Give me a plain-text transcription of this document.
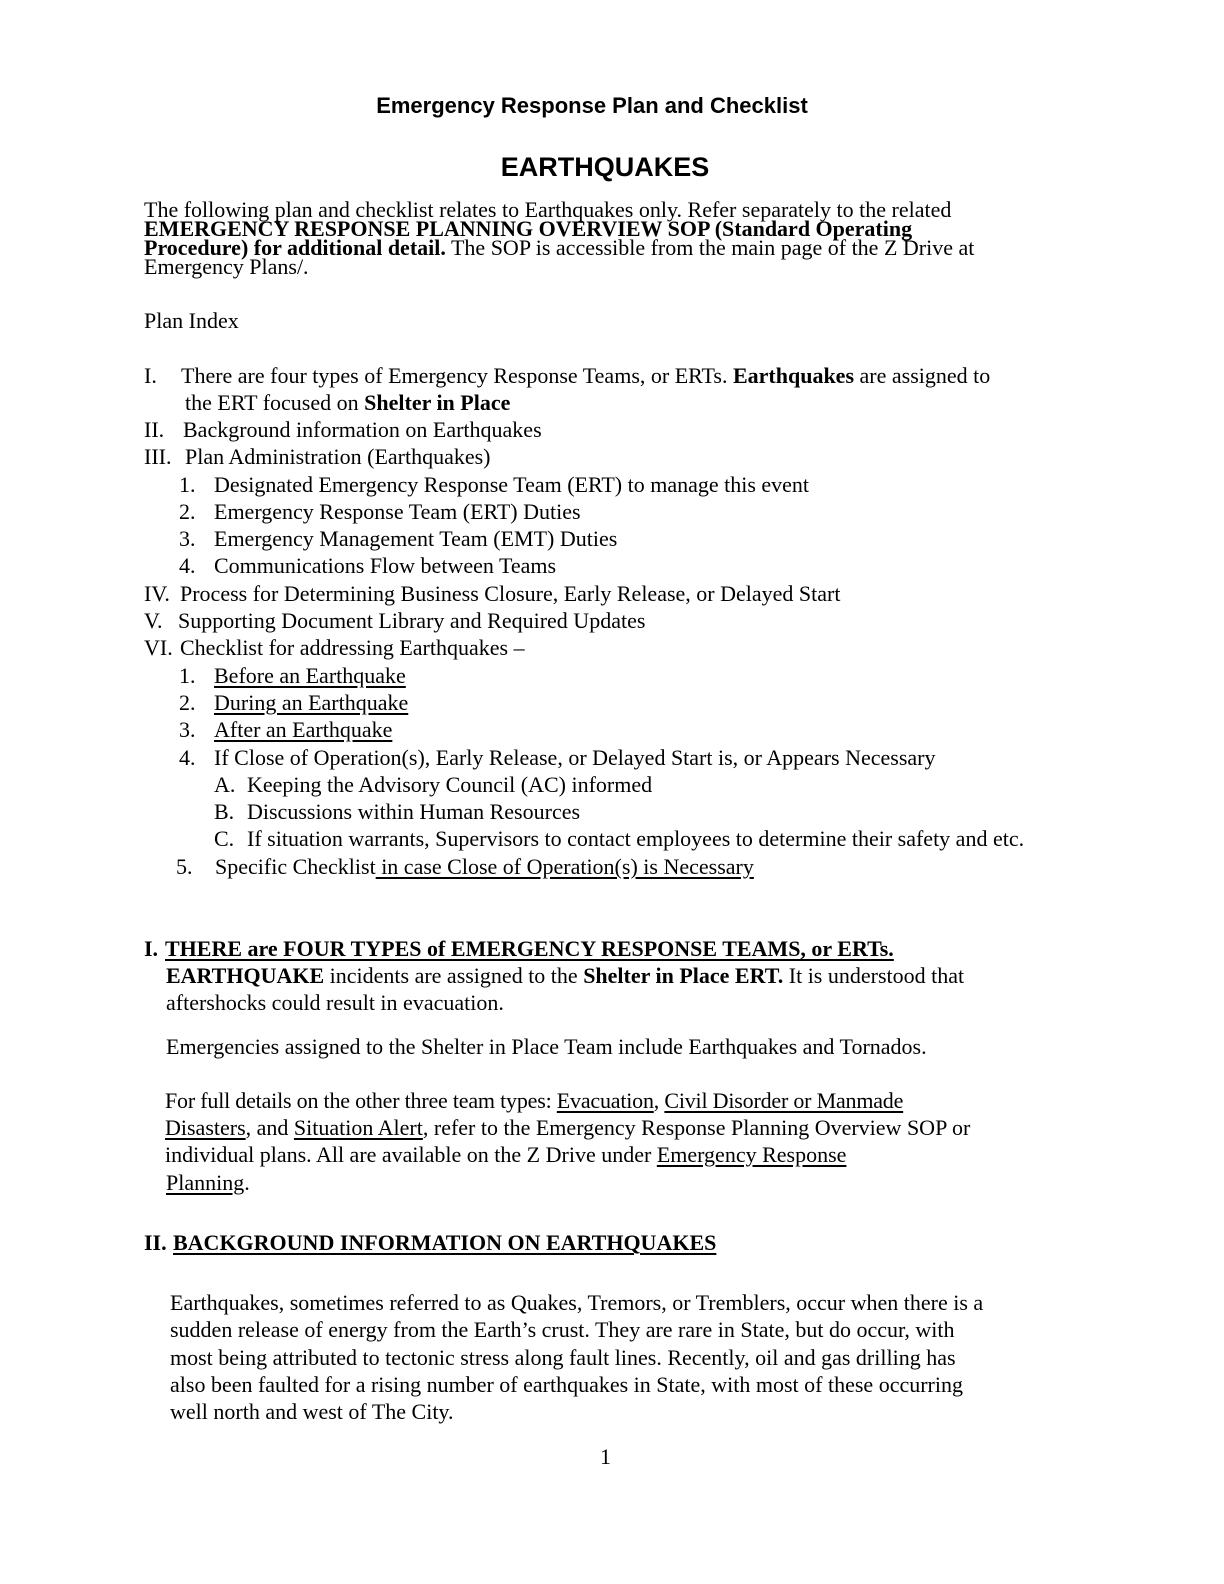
Emergency Response Plan and Checklist
EARTHQUAKES
The following plan and checklist relates to Earthquakes only. Refer separately to the related
EMERGENCY RESPONSE PLANNING OVERVIEW SOP (Standard Operating
Procedure) for additional detail. The SOP is accessible from the main page of the Z Drive at
Emergency Plans/.
Plan Index
I. There are four types of Emergency Response Teams, or ERTs. Earthquakes are assigned to
the ERT focused on Shelter in Place
II. Background information on Earthquakes
III. Plan Administration (Earthquakes)
1. Designated Emergency Response Team (ERT) to manage this event
2. Emergency Response Team (ERT) Duties
3. Emergency Management Team (EMT) Duties
4. Communications Flow between Teams
IV. Process for Determining Business Closure, Early Release, or Delayed Start
V. Supporting Document Library and Required Updates
VI. Checklist for addressing Earthquakes –
1. Before an Earthquake
2. During an Earthquake
3. After an Earthquake
4. If Close of Operation(s), Early Release, or Delayed Start is, or Appears Necessary
A. Keeping the Advisory Council (AC) informed
B. Discussions within Human Resources
C. If situation warrants, Supervisors to contact employees to determine their safety and etc.
5. Specific Checklist in case Close of Operation(s) is Necessary
I. THERE are FOUR TYPES of EMERGENCY RESPONSE TEAMS, or ERTs.
EARTHQUAKE incidents are assigned to the Shelter in Place ERT. It is understood that
aftershocks could result in evacuation.
Emergencies assigned to the Shelter in Place Team include Earthquakes and Tornados.
For full details on the other three team types: Evacuation, Civil Disorder or Manmade
Disasters, and Situation Alert, refer to the Emergency Response Planning Overview SOP or
individual plans. All are available on the Z Drive under Emergency Response
Planning.
II. BACKGROUND INFORMATION ON EARTHQUAKES
Earthquakes, sometimes referred to as Quakes, Tremors, or Tremblers, occur when there is a
sudden release of energy from the Earth’s crust. They are rare in State, but do occur, with
most being attributed to tectonic stress along fault lines. Recently, oil and gas drilling has
also been faulted for a rising number of earthquakes in State, with most of these occurring
well north and west of The City.
1
